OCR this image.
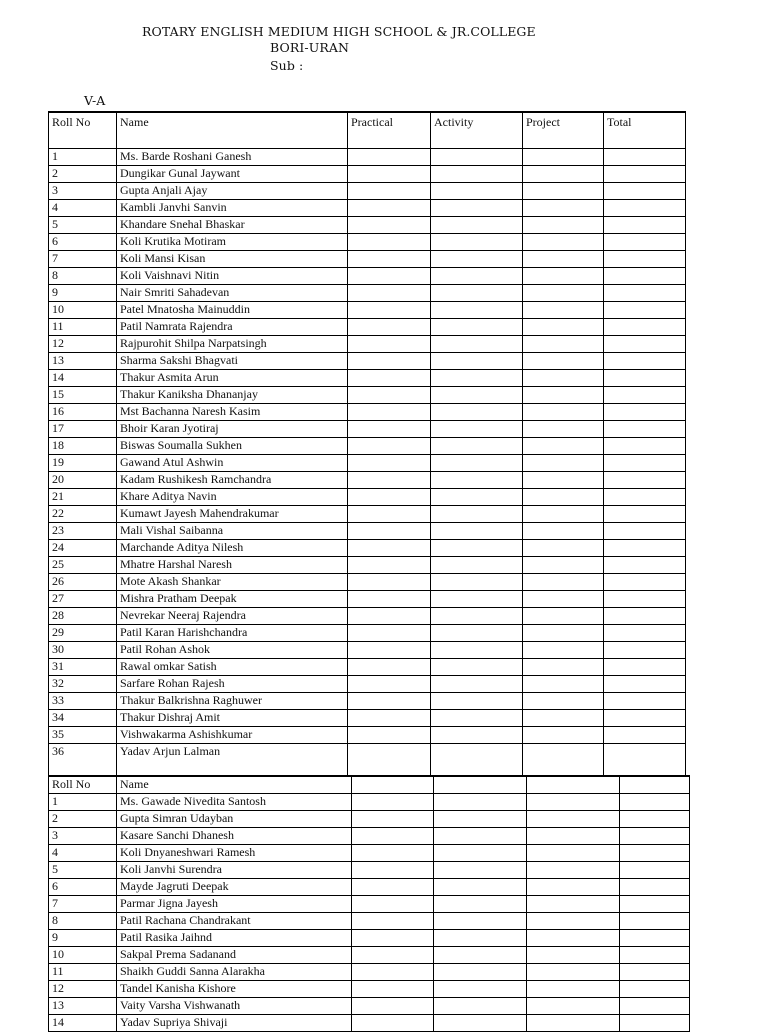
ROTARY ENGLISH MEDIUM HIGH SCHOOL & JR.COLLEGE
BORI-URAN
Sub :
V-A
Roll No	Name	Practical	Activity	Project	Total
1	Ms. Barde Roshani Ganesh				
2	Dungikar Gunal Jaywant				
3	Gupta Anjali Ajay				
4	Kambli Janvhi Sanvin				
5	Khandare Snehal Bhaskar				
6	Koli Krutika Motiram				
7	Koli Mansi Kisan				
8	Koli Vaishnavi Nitin				
9	Nair Smriti Sahadevan				
10	Patel Mnatosha Mainuddin				
11	Patil Namrata Rajendra				
12	Rajpurohit Shilpa Narpatsingh				
13	Sharma Sakshi Bhagvati				
14	Thakur Asmita Arun				
15	Thakur Kaniksha Dhananjay				
16	Mst Bachanna Naresh Kasim				
17	Bhoir Karan Jyotiraj				
18	Biswas Soumalla Sukhen				
19	Gawand Atul Ashwin				
20	Kadam Rushikesh Ramchandra				
21	Khare Aditya Navin				
22	Kumawt Jayesh Mahendrakumar				
23	Mali Vishal Saibanna				
24	Marchande Aditya Nilesh				
25	Mhatre Harshal Naresh				
26	Mote Akash Shankar				
27	Mishra Pratham Deepak				
28	Nevrekar Neeraj Rajendra				
29	Patil Karan Harishchandra				
30	Patil Rohan Ashok				
31	Rawal omkar Satish				
32	Sarfare Rohan Rajesh				
33	Thakur Balkrishna Raghuwer				
34	Thakur Dishraj Amit				
35	Vishwakarma Ashishkumar				
36	Yadav Arjun Lalman				
Roll No	Name				
1	Ms. Gawade Nivedita Santosh				
2	Gupta Simran Udayban				
3	Kasare Sanchi Dhanesh				
4	Koli Dnyaneshwari Ramesh				
5	Koli Janvhi Surendra				
6	Mayde Jagruti Deepak				
7	Parmar Jigna Jayesh				
8	Patil Rachana Chandrakant				
9	Patil Rasika Jaihnd				
10	Sakpal Prema Sadanand				
11	Shaikh Guddi Sanna Alarakha				
12	Tandel Kanisha Kishore				
13	Vaity Varsha Vishwanath				
14	Yadav Supriya Shivaji				
